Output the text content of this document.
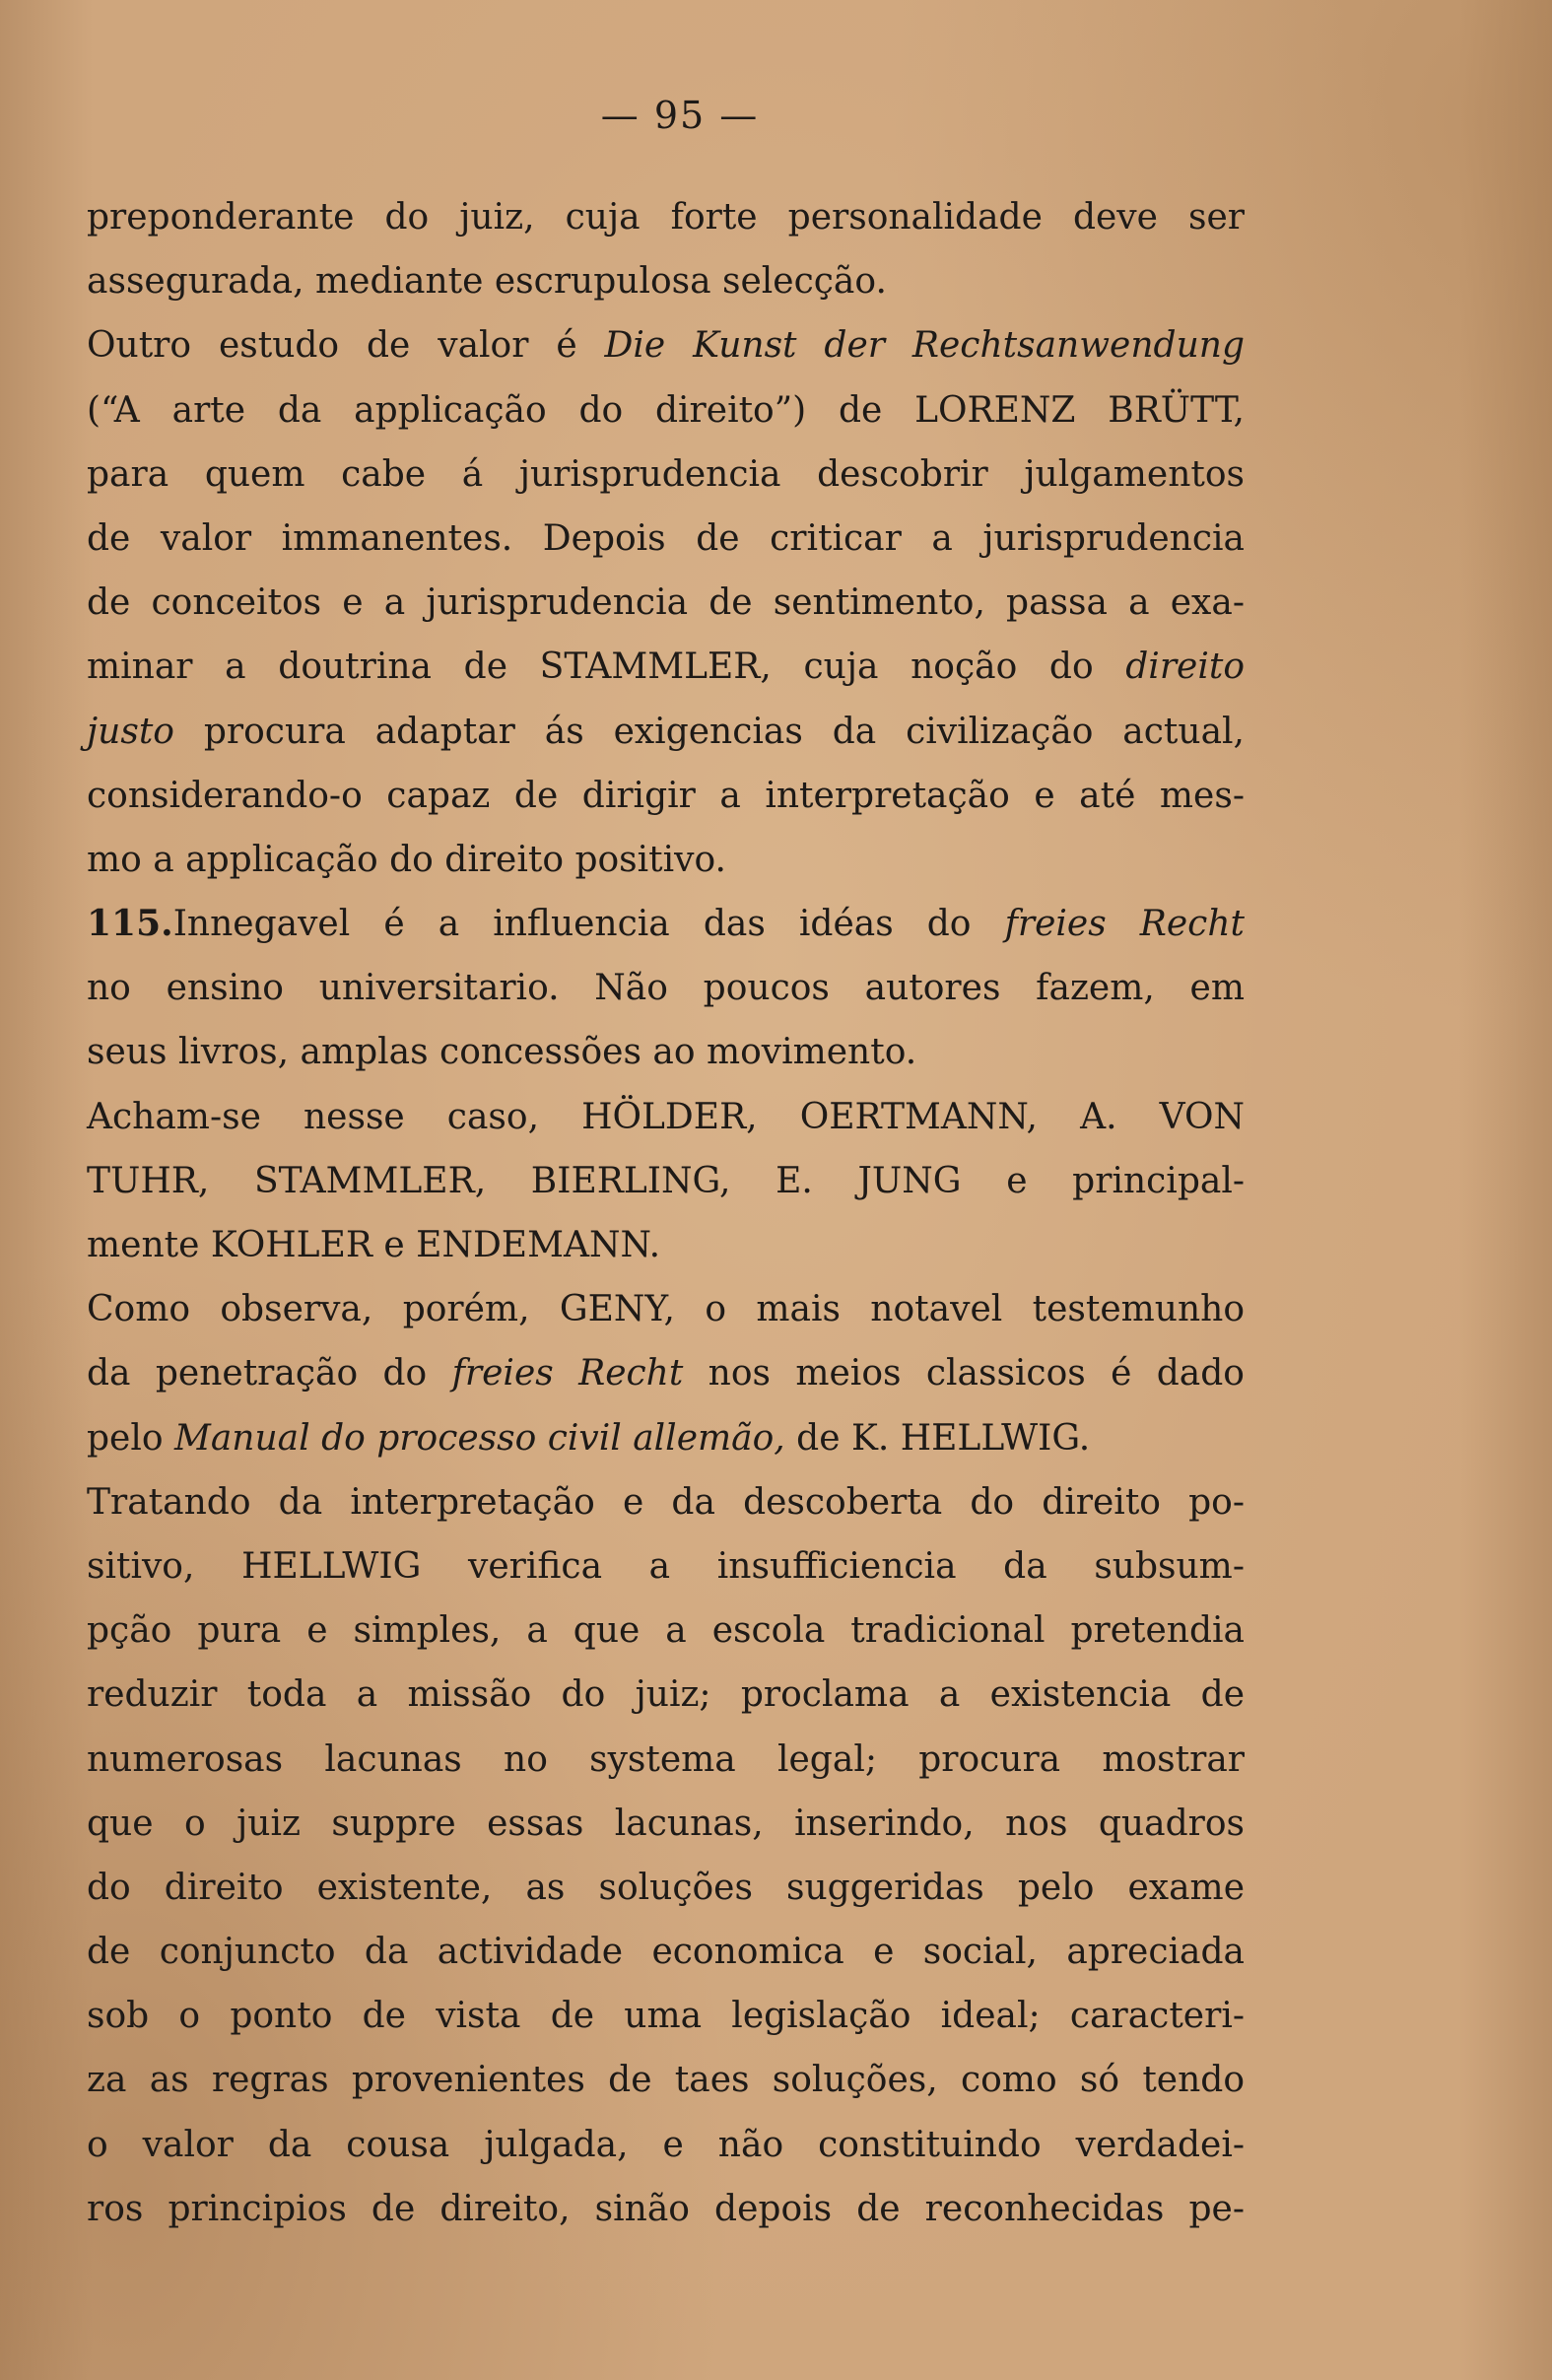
— 95 —
preponderante do juiz, cuja forte personalidade deve ser
assegurada, mediante escrupulosa selecção.
Outro estudo de valor é Die Kunst der Rechtsanwendung
(“A arte da applicação do direito”) de LORENZ BRÜTT,
para quem cabe á jurisprudencia descobrir julgamentos
de valor immanentes. Depois de criticar a jurisprudencia
de conceitos e a jurisprudencia de sentimento, passa a exa-
minar a doutrina de STAMMLER, cuja noção do direito
justo procura adaptar ás exigencias da civilização actual,
considerando-o capaz de dirigir a interpretação e até mes-
mo a applicação do direito positivo.
115.Innegavel é a influencia das idéas do freies Recht
no ensino universitario. Não poucos autores fazem, em
seus livros, amplas concessões ao movimento.
Acham-se nesse caso, HÖLDER, OERTMANN, A. VON
TUHR, STAMMLER, BIERLING, E. JUNG e principal-
mente KOHLER e ENDEMANN.
Como observa, porém, GENY, o mais notavel testemunho
da penetração do freies Recht nos meios classicos é dado
pelo Manual do processo civil allemão, de K. HELLWIG.
Tratando da interpretação e da descoberta do direito po-
sitivo, HELLWIG verifica a insufficiencia da subsum-
pção pura e simples, a que a escola tradicional pretendia
reduzir toda a missão do juiz; proclama a existencia de
numerosas lacunas no systema legal; procura mostrar
que o juiz suppre essas lacunas, inserindo, nos quadros
do direito existente, as soluções suggeridas pelo exame
de conjuncto da actividade economica e social, apreciada
sob o ponto de vista de uma legislação ideal; caracteri-
za as regras provenientes de taes soluções, como só tendo
o valor da cousa julgada, e não constituindo verdadei-
ros principios de direito, sinão depois de reconhecidas pe-
